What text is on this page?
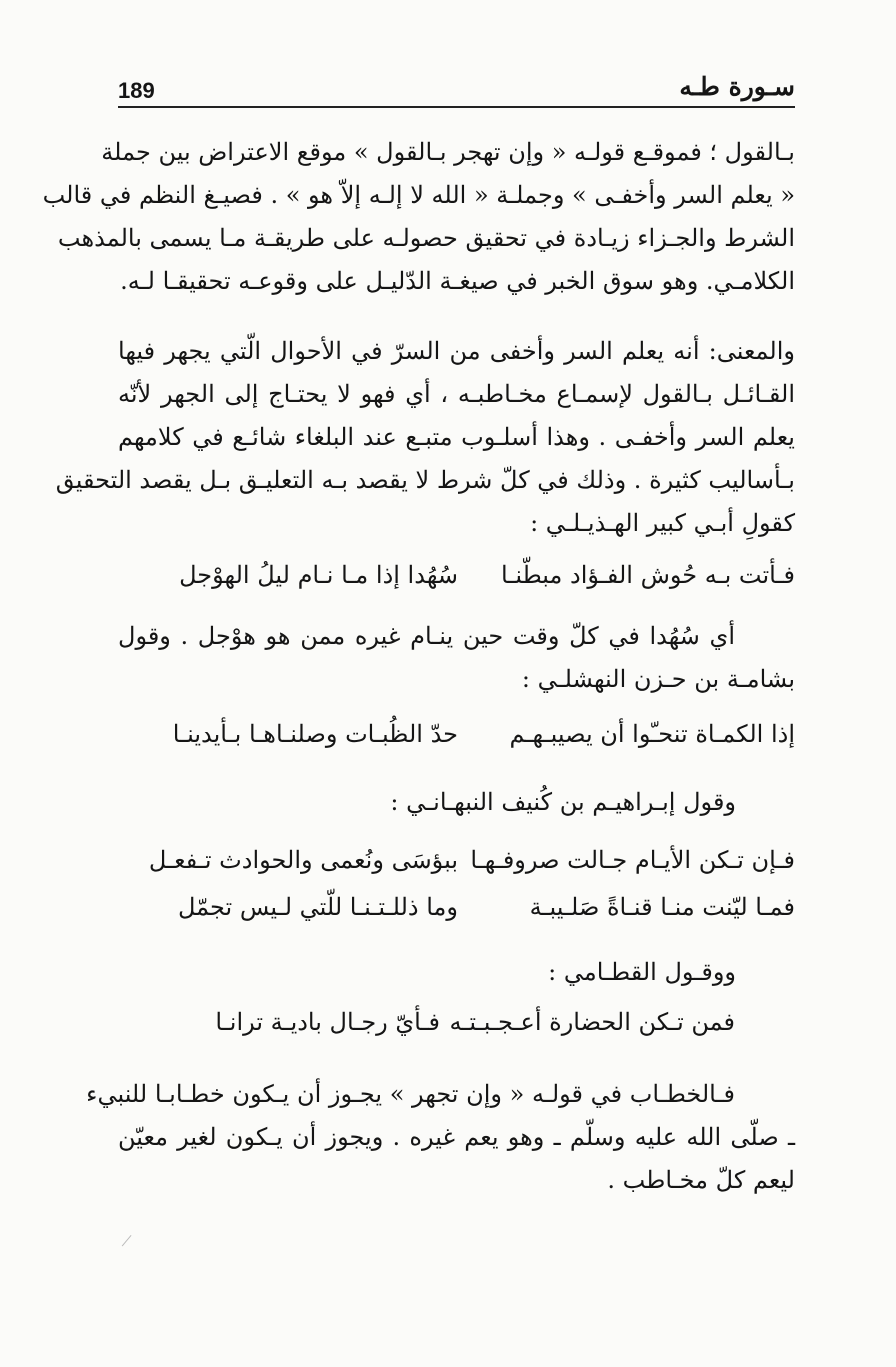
189	سـورة طـه
بـالقول ؛ فموقـع قولـه « وإن تهجر بـالقول » موقع الاعتراض بين جملة
« يعلم السر وأخفـى » وجملـة « الله لا إلـه إلاّ هو » . فصيـغ النظم في قالب
الشرط والجـزاء زيـادة في تحقيق حصولـه على طريقـة مـا يسمى بالمذهب
الكلامـي. وهو سوق الخبر في صيغـة الدّليـل على وقوعـه تحقيقـا لـه.
والمعنى: أنه يعلم السر وأخفى من السرّ في الأحوال الّتي يجهر فيها
القـائـل بـالقول لإسمـاع مخـاطبـه ، أي فهو لا يحتـاج إلى الجهر لأنّه
يعلم السر وأخفـى . وهذا أسلـوب متبـع عند البلغاء شائـع في كلامهم
بـأساليب كثيرة . وذلك في كلّ شرط لا يقصد بـه التعليـق بـل يقصد التحقيق
كقولِ أبـي كبير الهـذيـلـي :
فـأتت بـه حُوش الفـؤاد مبطّنـا
سُهُدا إذا مـا نـام ليلُ الهوْجل
أي سُهُدا في كلّ وقت حين ينـام غيره ممن هو هوْجل . وقول
بشامـة بن حـزن النهشلـي :
إذا الكمـاة تنحـّوا أن يصيبـهـم
حدّ الظُبـات وصلنـاهـا بـأيدينـا
وقول إبـراهيـم بن كُنيف النبهـانـي :
فـإن تـكن الأيـام جـالت صروفـهـا
ببؤسَى ونُعمى والحوادث تـفعـل
فمـا ليّنت منـا قنـاةً صَلـيبـة
وما ذللـتـنـا للّتي لـيس تجمّل
ووقـول القطـامي :
فمن تـكن الحضارة أعـجـبـتـه
فـأيّ رجـال باديـة ترانـا
فـالخطـاب في قولـه « وإن تجهر » يجـوز أن يـكون خطـابـا للنبيء
ـ صلّى الله عليه وسلّم ـ وهو يعم غيره . ويجوز أن يـكون لغير معيّن
ليعم كلّ مخـاطب .
